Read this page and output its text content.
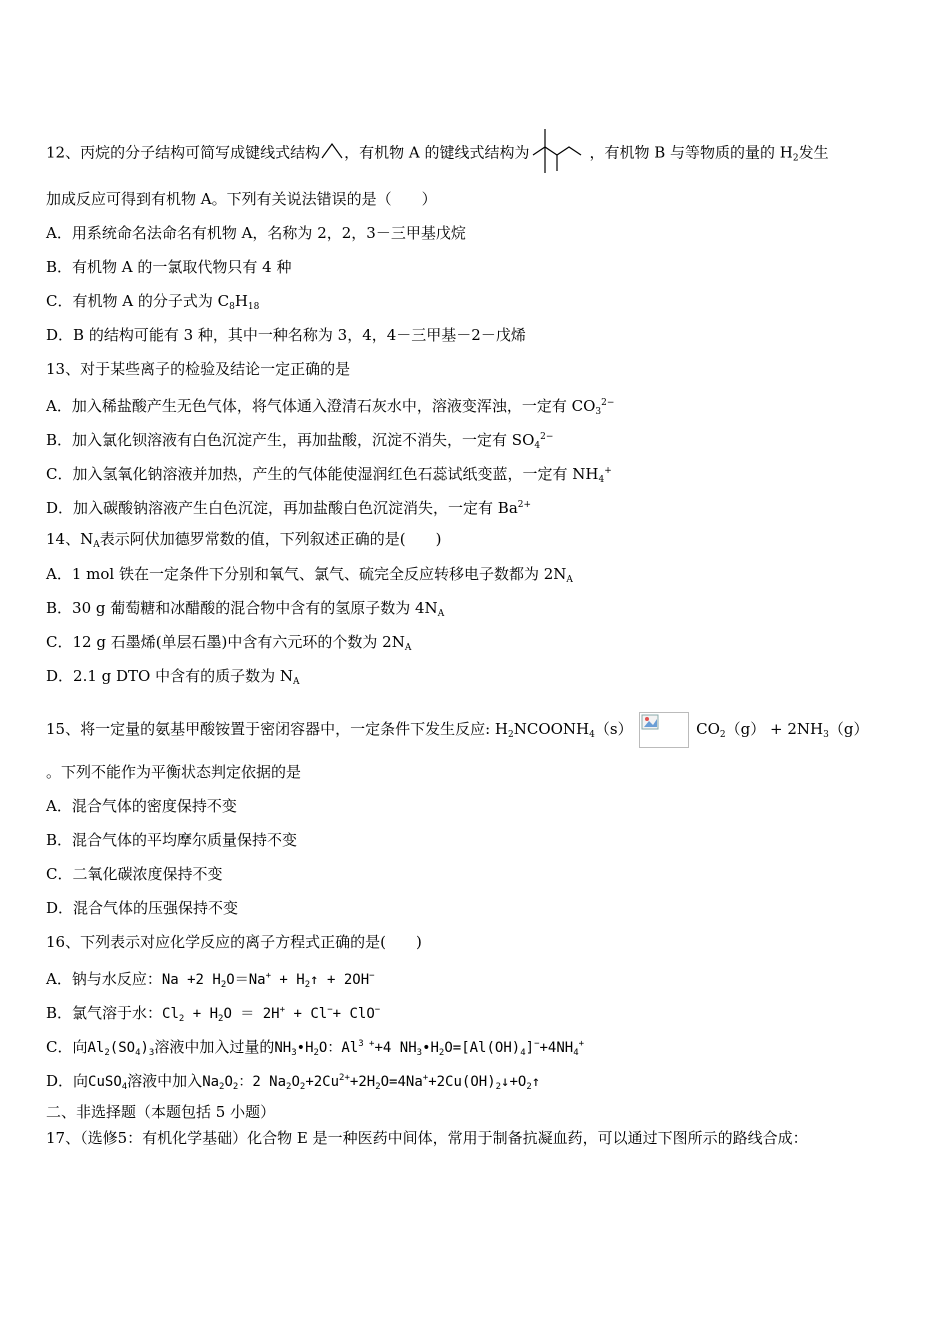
12、丙烷的分子结构可简写成键线式结构 ，有机物 A 的键线式结构为	，有机物 B 与等物质的量的 $H_2$发生
加成反应可得到有机物 A。下列有关说法错误的是（　　）
A．用系统命名法命名有机物 A，名称为 2，2，3－三甲基戊烷
B．有机物 A 的一氯取代物只有 4 种
C．有机物 A 的分子式为 $C_8H_{18}$
D．B 的结构可能有 3 种，其中一种名称为 3，4，4－三甲基－2－戊烯
13、对于某些离子的检验及结论一定正确的是
A．加入稀盐酸产生无色气体，将气体通入澄清石灰水中，溶液变浑浊，一定有 $CO_3^{2-}$
B．加入氯化钡溶液有白色沉淀产生，再加盐酸，沉淀不消失，一定有 $SO_4^{2-}$
C．加入氢氧化钠溶液并加热，产生的气体能使湿润红色石蕊试纸变蓝，一定有 $NH_4^+$
D．加入碳酸钠溶液产生白色沉淀，再加盐酸白色沉淀消失，一定有 $Ba^{2+}$
14、$N_A$表示阿伏加德罗常数的值，下列叙述正确的是(　　)
A．1 mol 铁在一定条件下分别和氧气、氯气、硫完全反应转移电子数都为 $2N_A$
B．30 g 葡萄糖和冰醋酸的混合物中含有的氢原子数为 $4N_A$
C．12 g 石墨烯(单层石墨)中含有六元环的个数为 $2N_A$
D．2.1 g DTO 中含有的质子数为 $N_A$
15、将一定量的氨基甲酸铵置于密闭容器中，一定条件下发生反应: $H_2NCOONH_4(s)$	$CO_2(g) + 2NH_3(g)$
。下列不能作为平衡状态判定依据的是
A．混合气体的密度保持不变
B．混合气体的平均摩尔质量保持不变
C．二氧化碳浓度保持不变
D．混合气体的压强保持不变
16、下列表示对应化学反应的离子方程式正确的是(　　)
A．钠与水反应：Na +2 $H_2O=Na^+$ + $H_2↑ + 2OH^-$
B．氯气溶于水：$Cl_2 + H_2O = 2H^+ + Cl^-+ ClO^-$
C．向$Al_2(SO_4)_3$溶液中加入过量的$NH_3•H_2O$：$Al^{3 +}+4$ $NH_3•H_2O=[Al(OH)_4]^-+4NH_4^+$
D．向CuSO$_4$溶液中加入$Na_2O_2$：2 $Na_2O_2+2Cu^{2+}+2H_2O=4Na^++2Cu(OH)_2↓+O_2↑$
二、非选择题（本题包括 5 小题）
17、（选修5：有机化学基础）化合物 E 是一种医药中间体，常用于制备抗凝血药，可以通过下图所示的路线合成：
